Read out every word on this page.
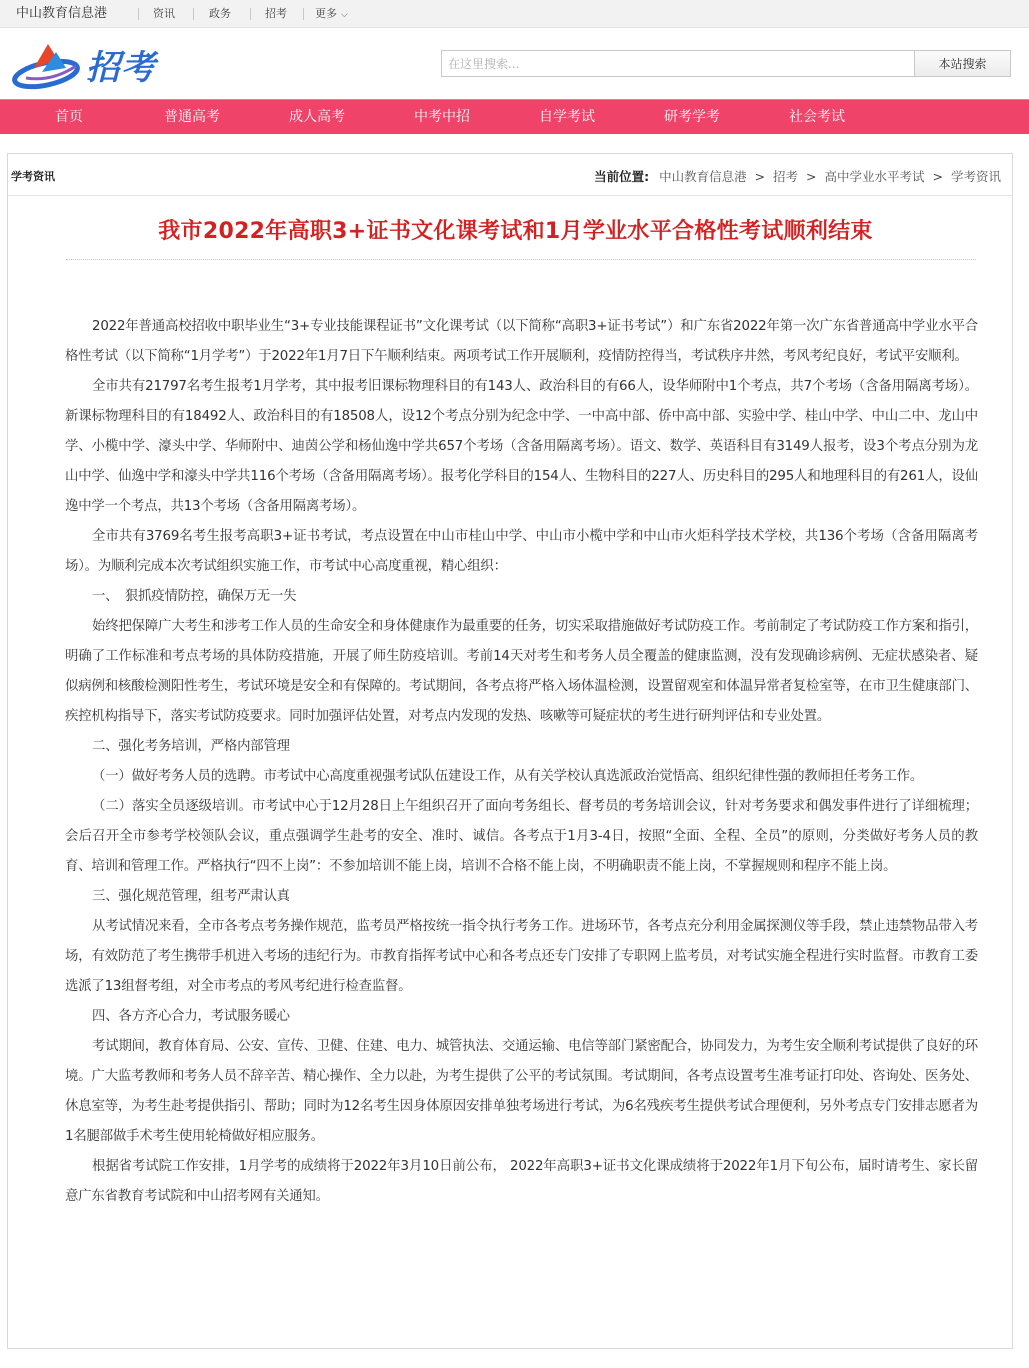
中山教育信息港	资讯	政务	招考	更多 ⌵
招考
在这里搜索...	本站搜索
首页	普通高考	成人高考	中考中招	自学考试	研考学考	社会考试
学考资讯	当前位置: 中山教育信息港 > 招考 > 高中学业水平考试 > 学考资讯
我市2022年高职3+证书文化课考试和1月学业水平合格性考试顺利结束

2022年普通高校招收中职毕业生“3+专业技能课程证书”文化课考试（以下简称“高职3+证书考试”）和广东省2022年第一次广东省普通高中学业水平合格性考试（以下简称“1月学考”）于2022年1月7日下午顺利结束。两项考试工作开展顺利，疫情防控得当，考试秩序井然，考风考纪良好，考试平安顺利。

全市共有21797名考生报考1月学考，其中报考旧课标物理科目的有143人、政治科目的有66人，设华师附中1个考点，共7个考场（含备用隔离考场）。新课标物理科目的有18492人、政治科目的有18508人，设12个考点分别为纪念中学、一中高中部、侨中高中部、实验中学、桂山中学、中山二中、龙山中学、小榄中学、濠头中学、华师附中、迪茵公学和杨仙逸中学共657个考场（含备用隔离考场）。语文、数学、英语科目有3149人报考，设3个考点分别为龙山中学、仙逸中学和濠头中学共116个考场（含备用隔离考场）。报考化学科目的154人、生物科目的227人、历史科目的295人和地理科目的有261人，设仙逸中学一个考点，共13个考场（含备用隔离考场）。

全市共有3769名考生报考高职3+证书考试，考点设置在中山市桂山中学、中山市小榄中学和中山市火炬科学技术学校，共136个考场（含备用隔离考场）。为顺利完成本次考试组织实施工作，市考试中心高度重视，精心组织：

一、　狠抓疫情防控，确保万无一失

始终把保障广大考生和涉考工作人员的生命安全和身体健康作为最重要的任务，切实采取措施做好考试防疫工作。考前制定了考试防疫工作方案和指引，明确了工作标准和考点考场的具体防疫措施，开展了师生防疫培训。考前14天对考生和考务人员全覆盖的健康监测，没有发现确诊病例、无症状感染者、疑似病例和核酸检测阳性考生，考试环境是安全和有保障的。考试期间，各考点将严格入场体温检测，设置留观室和体温异常者复检室等，在市卫生健康部门、疾控机构指导下，落实考试防疫要求。同时加强评估处置，对考点内发现的发热、咳嗽等可疑症状的考生进行研判评估和专业处置。

二、强化考务培训，严格内部管理

（一）做好考务人员的选聘。市考试中心高度重视强考试队伍建设工作，从有关学校认真选派政治觉悟高、组织纪律性强的教师担任考务工作。

（二）落实全员逐级培训。市考试中心于12月28日上午组织召开了面向考务组长、督考员的考务培训会议，针对考务要求和偶发事件进行了详细梳理；会后召开全市参考学校领队会议，重点强调学生赴考的安全、准时、诚信。各考点于1月3-4日，按照“全面、全程、全员”的原则，分类做好考务人员的教育、培训和管理工作。严格执行“四不上岗”：不参加培训不能上岗，培训不合格不能上岗，不明确职责不能上岗，不掌握规则和程序不能上岗。

三、强化规范管理，组考严肃认真

从考试情况来看，全市各考点考务操作规范，监考员严格按统一指令执行考务工作。进场环节，各考点充分利用金属探测仪等手段，禁止违禁物品带入考场，有效防范了考生携带手机进入考场的违纪行为。市教育指挥考试中心和各考点还专门安排了专职网上监考员，对考试实施全程进行实时监督。市教育工委选派了13组督考组，对全市考点的考风考纪进行检查监督。

四、各方齐心合力，考试服务暖心

考试期间，教育体育局、公安、宣传、卫健、住建、电力、城管执法、交通运输、电信等部门紧密配合，协同发力，为考生安全顺利考试提供了良好的环境。广大监考教师和考务人员不辞辛苦、精心操作、全力以赴，为考生提供了公平的考试氛围。考试期间，各考点设置考生准考证打印处、咨询处、医务处、休息室等，为考生赴考提供指引、帮助；同时为12名考生因身体原因安排单独考场进行考试，为6名残疾考生提供考试合理便利，另外考点专门安排志愿者为1名腿部做手术考生使用轮椅做好相应服务。

根据省考试院工作安排，1月学考的成绩将于2022年3月10日前公布， 2022年高职3+证书文化课成绩将于2022年1月下旬公布，届时请考生、家长留意广东省教育考试院和中山招考网有关通知。
